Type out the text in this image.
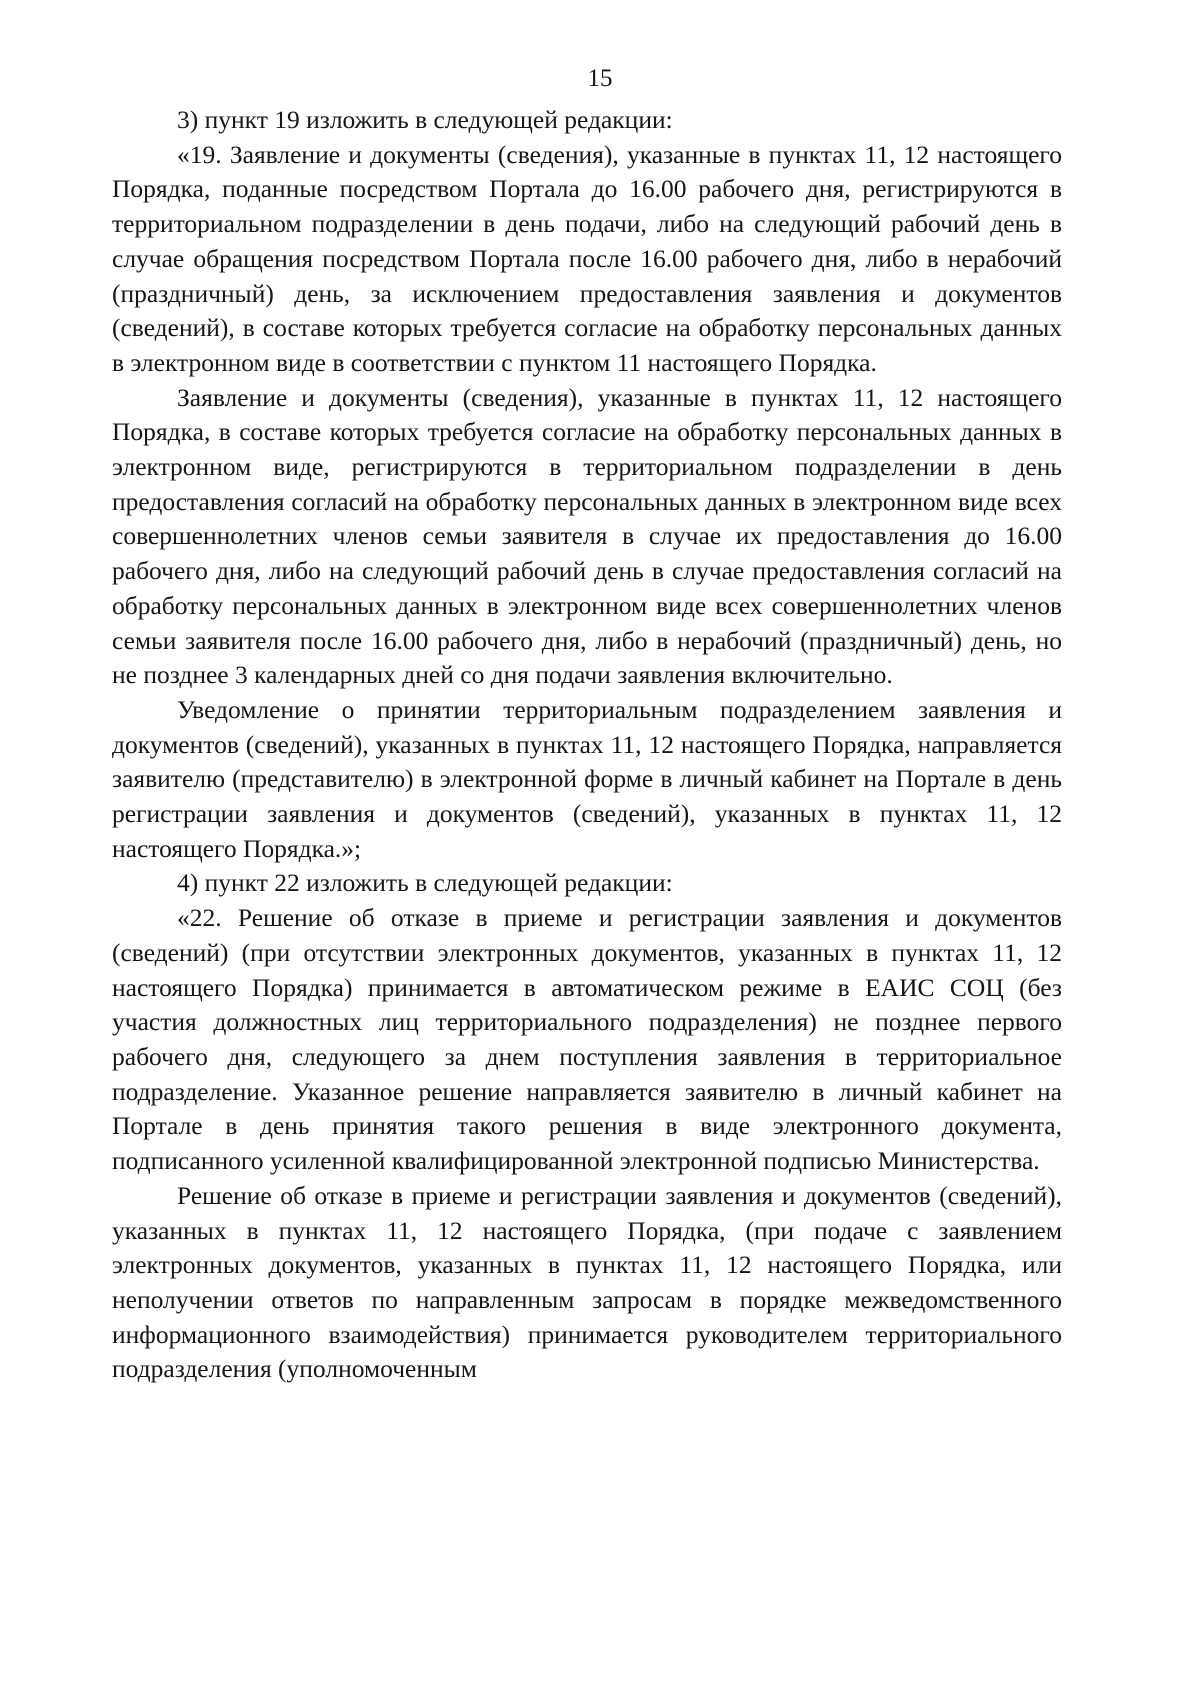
15

3) пункт 19 изложить в следующей редакции:

«19. Заявление и документы (сведения), указанные в пунктах 11, 12 настоящего Порядка, поданные посредством Портала до 16.00 рабочего дня, регистрируются в территориальном подразделении в день подачи, либо на следующий рабочий день в случае обращения посредством Портала после 16.00 рабочего дня, либо в нерабочий (праздничный) день, за исключением предоставления заявления и документов (сведений), в составе которых требуется согласие на обработку персональных данных в электронном виде в соответствии с пунктом 11 настоящего Порядка.

Заявление и документы (сведения), указанные в пунктах 11, 12 настоящего Порядка, в составе которых требуется согласие на обработку персональных данных в электронном виде, регистрируются в территориальном подразделении в день предоставления согласий на обработку персональных данных в электронном виде всех совершеннолетних членов семьи заявителя в случае их предоставления до 16.00 рабочего дня, либо на следующий рабочий день в случае предоставления согласий на обработку персональных данных в электронном виде всех совершеннолетних членов семьи заявителя после 16.00 рабочего дня, либо в нерабочий (праздничный) день, но не позднее 3 календарных дней со дня подачи заявления включительно.

Уведомление о принятии территориальным подразделением заявления и документов (сведений), указанных в пунктах 11, 12 настоящего Порядка, направляется заявителю (представителю) в электронной форме в личный кабинет на Портале в день регистрации заявления и документов (сведений), указанных в пунктах 11, 12 настоящего Порядка.»;

4) пункт 22 изложить в следующей редакции:

«22. Решение об отказе в приеме и регистрации заявления и документов (сведений) (при отсутствии электронных документов, указанных в пунктах 11, 12 настоящего Порядка) принимается в автоматическом режиме в ЕАИС СОЦ (без участия должностных лиц территориального подразделения) не позднее первого рабочего дня, следующего за днем поступления заявления в территориальное подразделение. Указанное решение направляется заявителю в личный кабинет на Портале в день принятия такого решения в виде электронного документа, подписанного усиленной квалифицированной электронной подписью Министерства.

Решение об отказе в приеме и регистрации заявления и документов (сведений), указанных в пунктах 11, 12 настоящего Порядка, (при подаче с заявлением электронных документов, указанных в пунктах 11, 12 настоящего Порядка, или неполучении ответов по направленным запросам в порядке межведомственного информационного взаимодействия) принимается руководителем территориального подразделения (уполномоченным
